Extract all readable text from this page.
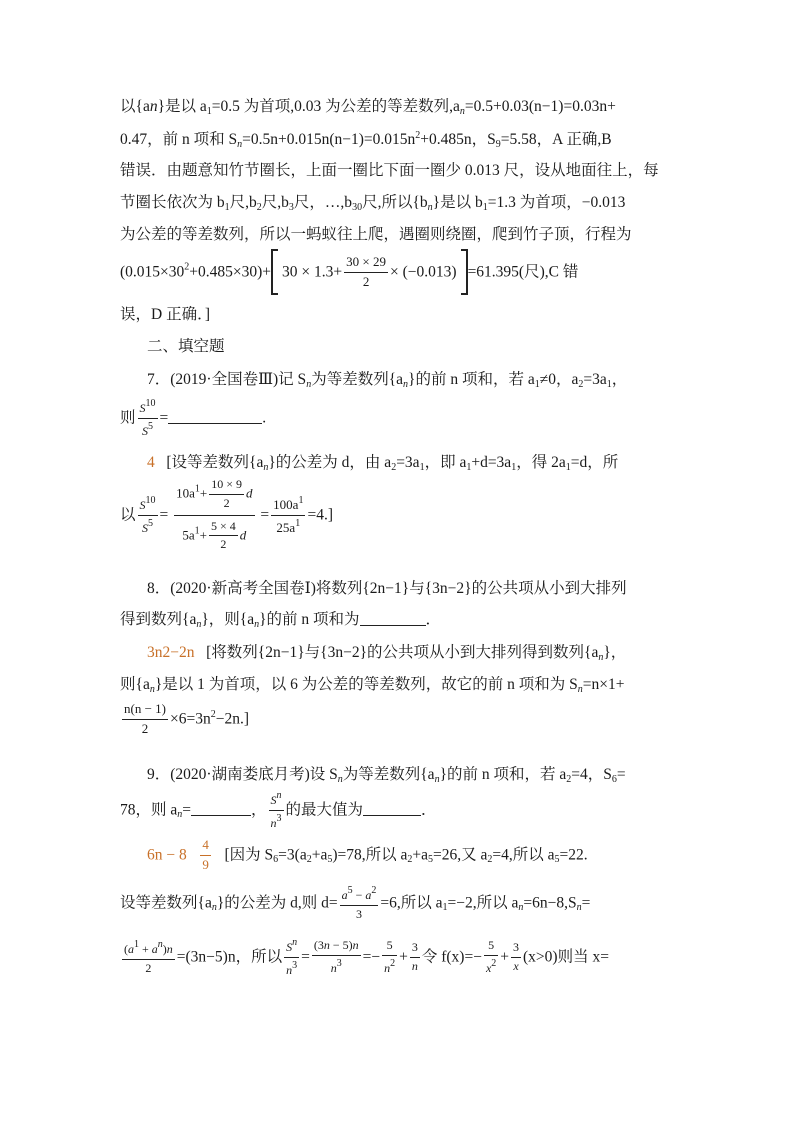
以{an}是以 $a_1=0.5$ 为首项,0.03 为公差的等差数列$,a_n=0.5+0.03(n-1)=0.03n+$
0.47，前 n 项和 $S_n=0.5n+0.015n(n-1)=0.015n^2+0.485n$，$S_9=5.58$，A 正确,B
错误．由题意知竹节圈长，上面一圈比下面一圈少 0.013 尺，设从地面往上，每
节圈长依次为 $b_1$尺$,b_2$尺$,b_3$尺，$\dots,b_{30}$尺,所以$\{b_n\}$是以 $b_1=1.3$ 为首项，−0.013
为公差的等差数列，所以一蚂蚁往上爬，遇圈则绕圈，爬到竹子顶，行程为
$(0.015\times 30^2+0.485\times 30)+ 30 \times 1.3+ \frac{30 \times 29}{2} \times (-0.013) =61.395$(尺),C 错
误，D 正确．]
二、填空题
7．(2019·全国卷Ⅲ)记 $S_n$为等差数列$\{a_n\}$的前 n 项和，若 $a_1\ne 0$，$a_2=3a_1$，
则 $\frac{S^{10}}{S^5}$ =	.
4 [设等差数列$\{a_n\}$的公差为 d，由 $a_2=3a_1$，即 $a_1+d=3a_1$，得 $2a_1=d$，所
以 $\frac{S^{10}}{S^5} = \frac{10a^1+ \frac{10 \times 9}{2} d}{5a^1+ \frac{5 \times 4}{2} d} = \frac{100a^1}{25a^1} =4$.]
8．(2020·新高考全国卷Ⅰ)将数列{2n−1}与{3n−2}的公共项从小到大排列
得到数列$\{a_n\}$，则$\{a_n\}$的前 n 项和为	．
3n2−2n [将数列{2n−1}与{3n−2}的公共项从小到大排列得到数列$\{a_n\}$，
则$\{a_n\}$是以 1 为首项，以 6 为公差的等差数列，故它的前 n 项和为 $S_n=n\times 1+$
$\frac{n(n - 1)}{2} \times 6=3n^2-2n$.]
9．(2020·湖南娄底月考)设 $S_n$为等差数列$\{a_n\}$的前 n 项和，若 $a_2=4$，$S_6=$
78，则 $a_n=$	， $\frac{S^n}{n^3}$ 的最大值为	．
$6n - 8 \frac{4}{9}$ [因为 $S_6=3(a_2+a_5)=78$,所以 $a_2+a_5=26$,又 $a_2=4$,所以 $a_5=22$.
设等差数列$\{a_n\}$的公差为 d,则 $d= \frac{a^5 - a^2}{3} =6$,所以 $a_1=-2$,所以 $a_n=6n-8,S_n=$
$\frac{(a^1 + a^n)n}{2} =(3n-5)n$，所以 $\frac{S^n}{n^3} = \frac{(3n - 5)n}{n^3} =- \frac{5}{n^2} + \frac{3}{n}$ 令 $f(x)=- \frac{5}{x^2} + \frac{3}{x} (x>0)$则当 x=
